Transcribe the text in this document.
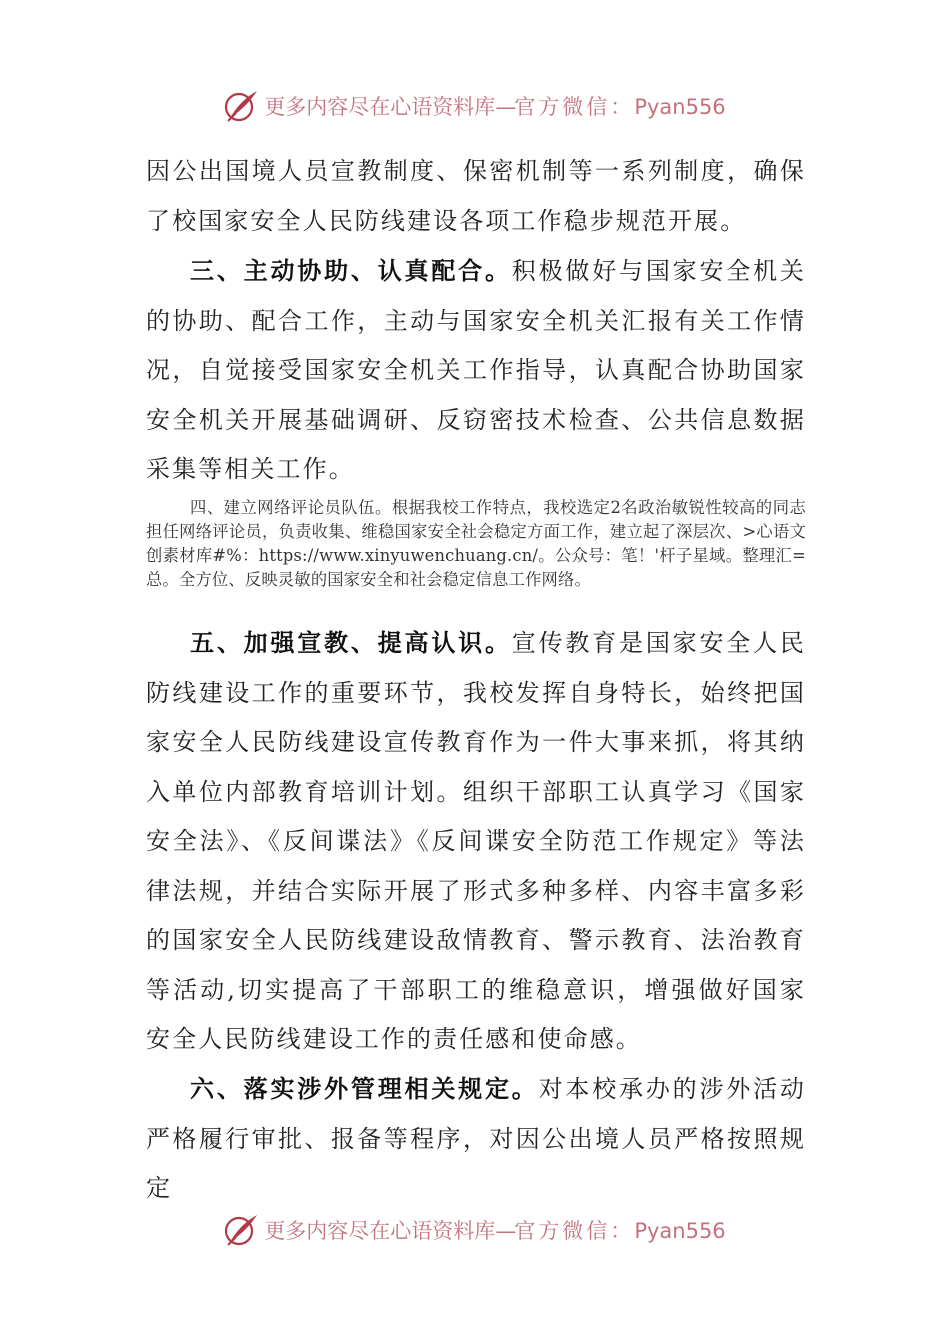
更多内容尽在心语资料库—官方微信：Pyan556

因公出国境人员宣教制度、保密机制等一系列制度，确保了校国家安全人民防线建设各项工作稳步规范开展。

三、主动协助、认真配合。积极做好与国家安全机关的协助、配合工作，主动与国家安全机关汇报有关工作情况，自觉接受国家安全机关工作指导，认真配合协助国家安全机关开展基础调研、反窃密技术检查、公共信息数据采集等相关工作。

四、建立网络评论员队伍。根据我校工作特点，我校选定2名政治敏锐性较高的同志担任网络评论员，负责收集、维稳国家安全社会稳定方面工作，建立起了深层次、>心语文创素材库#%：https://www.xinyuwenchuang.cn/。公众号：笔！'杆子星域。整理汇=总。全方位、反映灵敏的国家安全和社会稳定信息工作网络。

五、加强宣教、提高认识。宣传教育是国家安全人民防线建设工作的重要环节，我校发挥自身特长，始终把国家安全人民防线建设宣传教育作为一件大事来抓，将其纳入单位内部教育培训计划。组织干部职工认真学习《国家安全法》、《反间谍法》《反间谍安全防范工作规定》等法律法规，并结合实际开展了形式多种多样、内容丰富多彩的国家安全人民防线建设敌情教育、警示教育、法治教育等活动,切实提高了干部职工的维稳意识，增强做好国家安全人民防线建设工作的责任感和使命感。

六、落实涉外管理相关规定。对本校承办的涉外活动严格履行审批、报备等程序，对因公出境人员严格按照规定

更多内容尽在心语资料库—官方微信：Pyan556
